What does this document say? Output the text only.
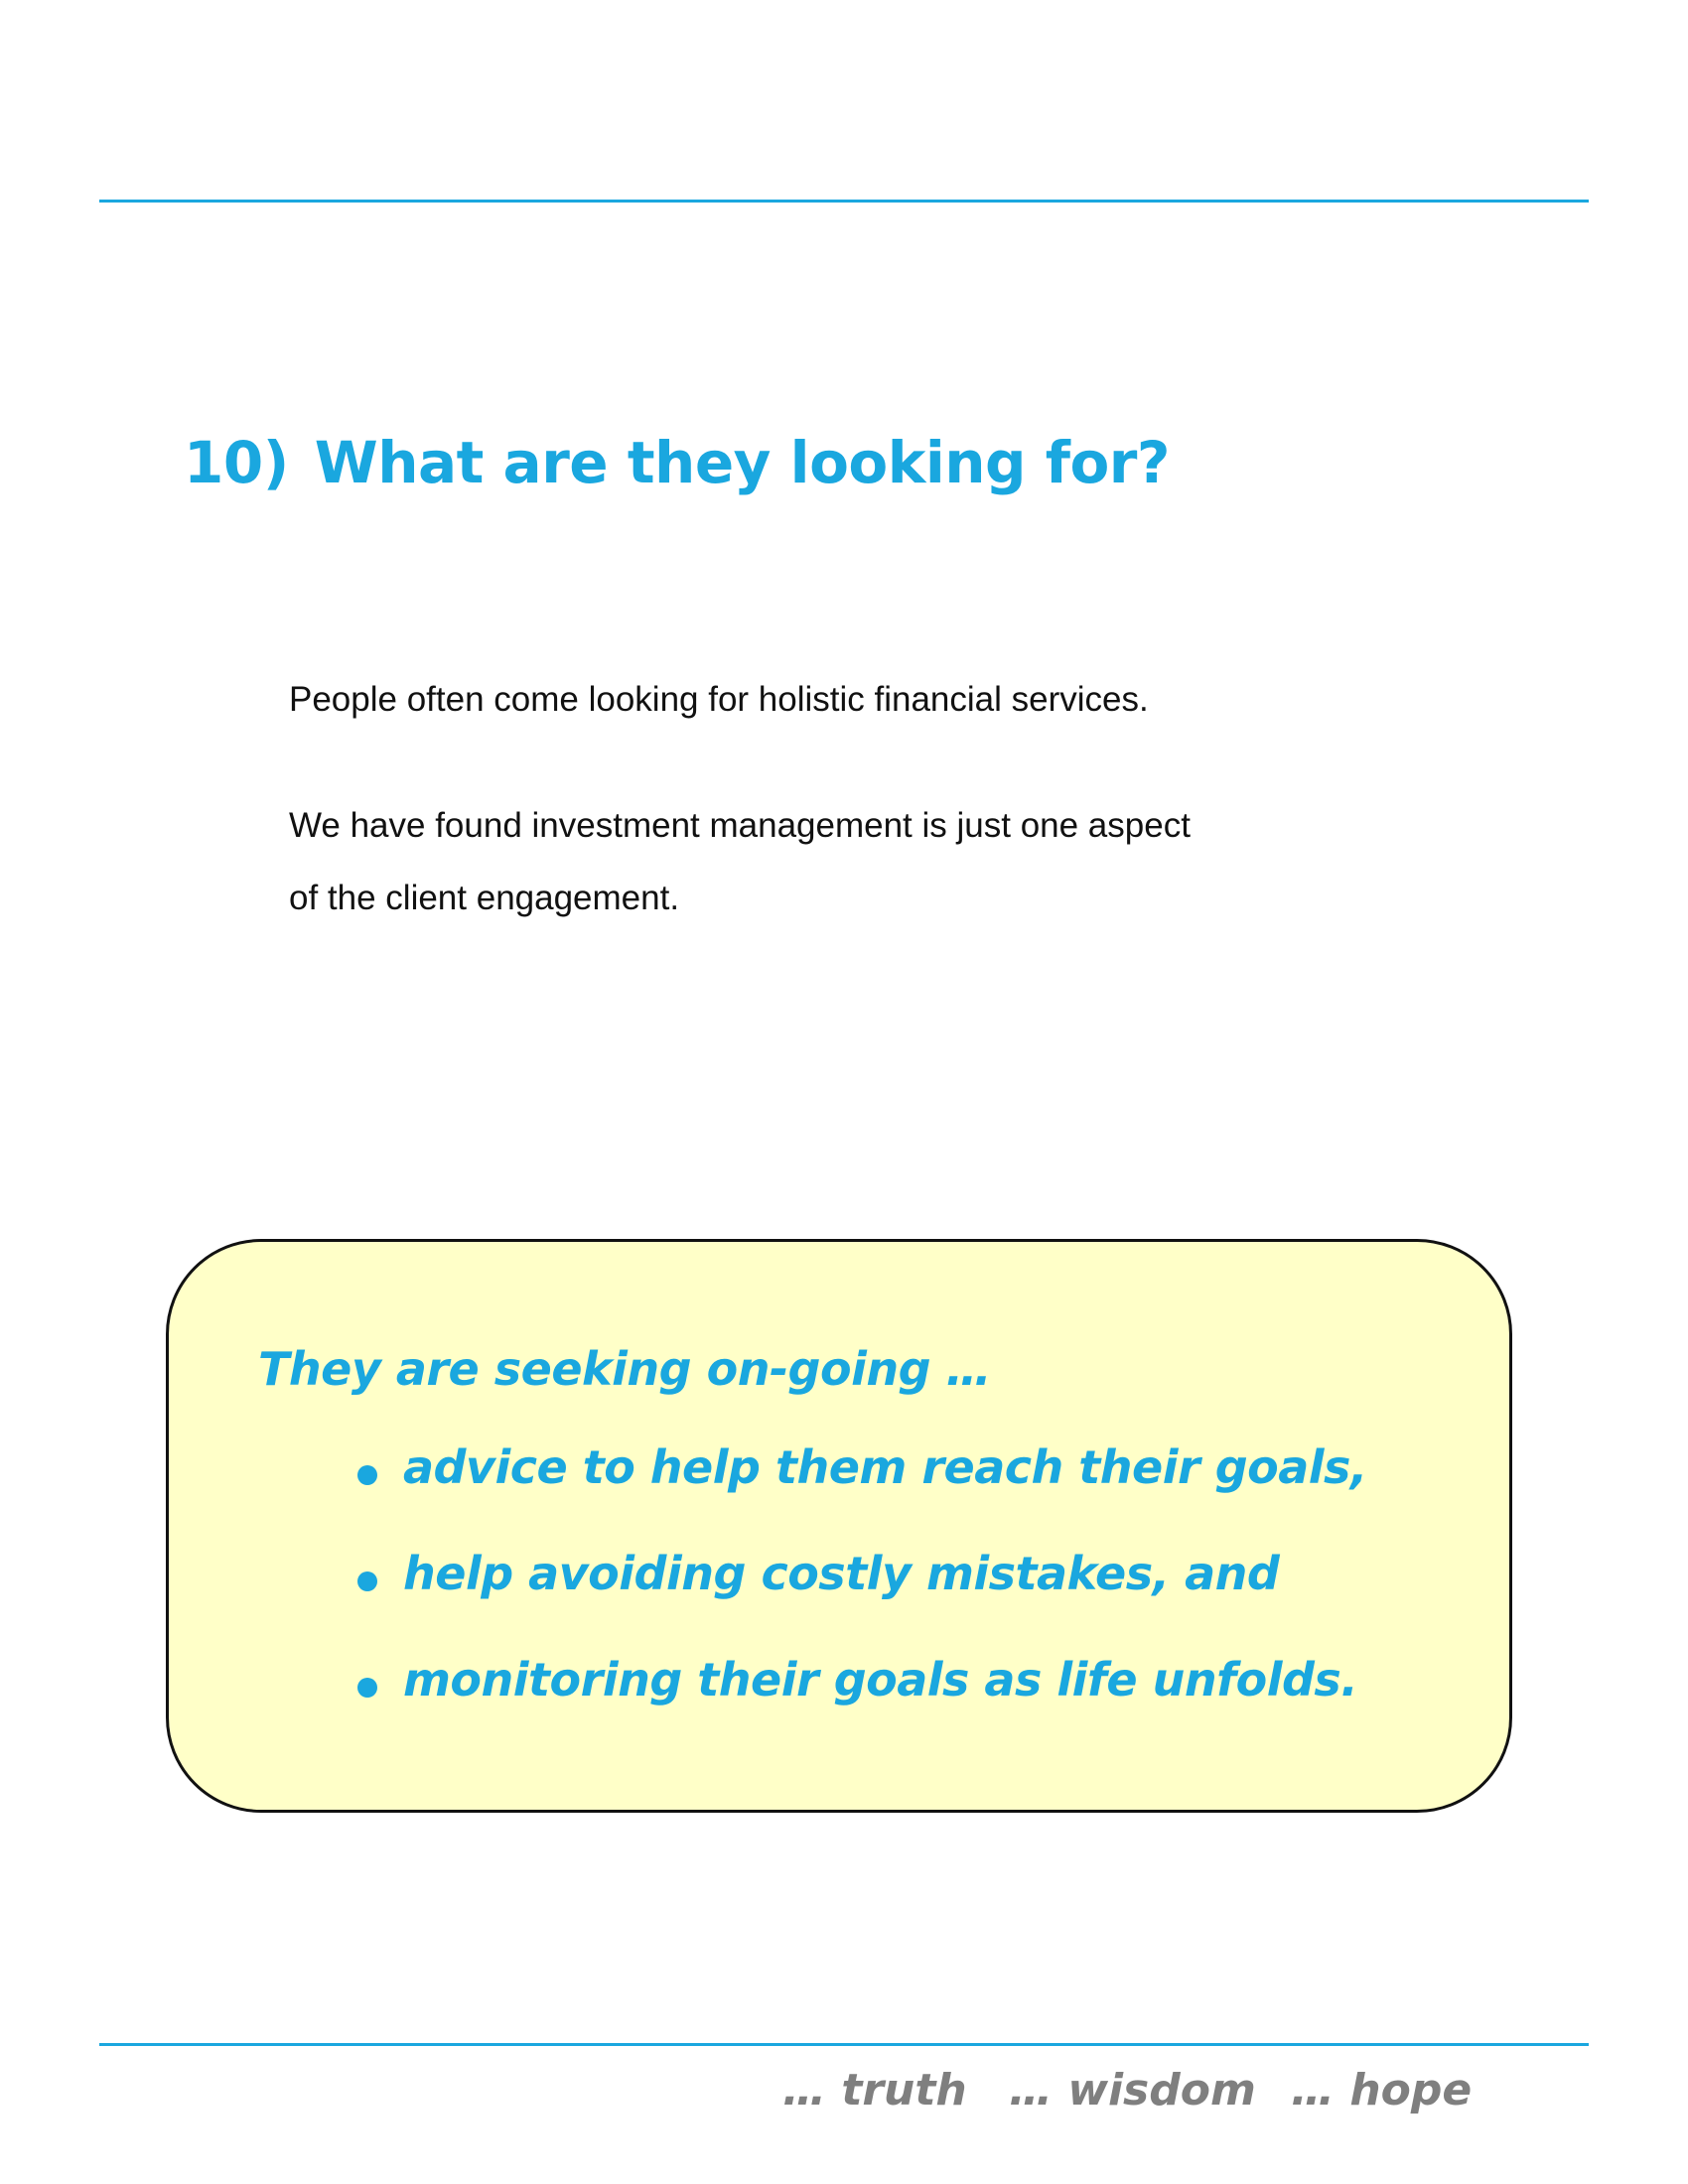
10) What are they looking for?

People often come looking for holistic financial services.

We have found investment management is just one aspect
of the client engagement.

They are seeking on-going …

advice to help them reach their goals,
help avoiding costly mistakes, and
monitoring their goals as life unfolds.

… truth … wisdom … hope
